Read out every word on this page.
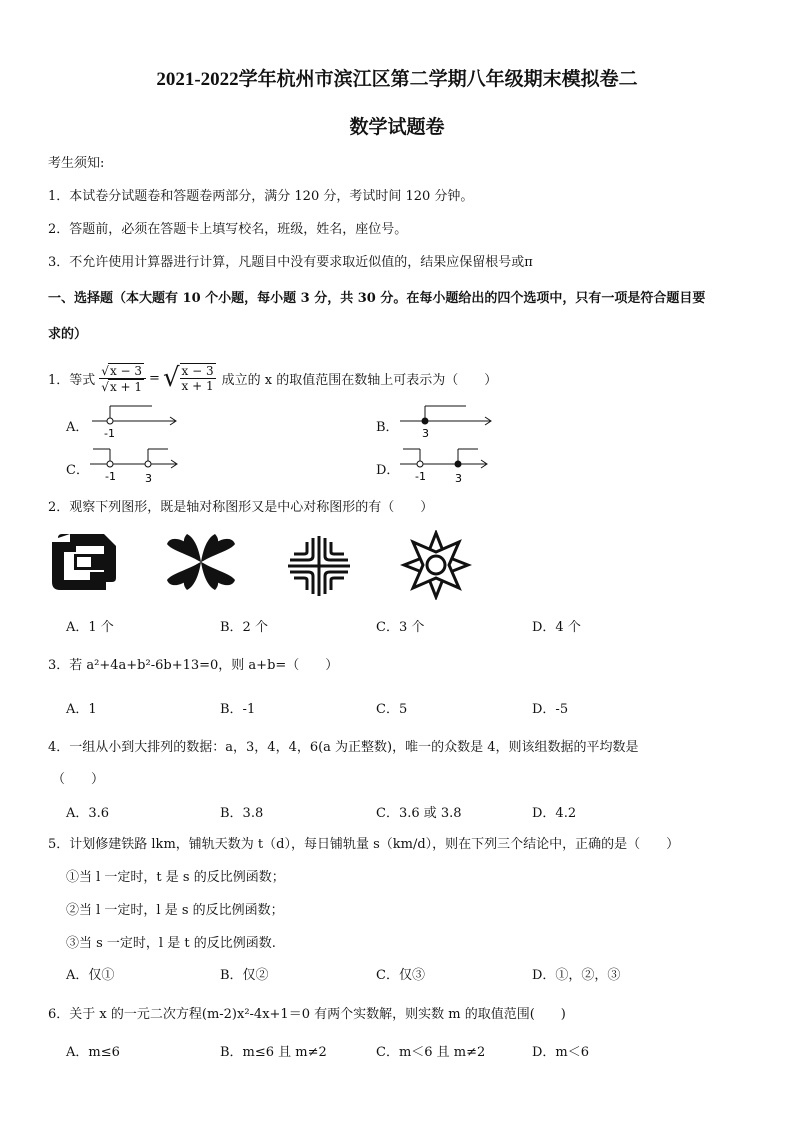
2021-2022学年杭州市滨江区第二学期八年级期末模拟卷二
数学试题卷
考生须知:
1．本试卷分试题卷和答题卷两部分，满分 120 分，考试时间 120 分钟。
2．答题前，必须在答题卡上填写校名，班级，姓名，座位号。
3．不允许使用计算器进行计算，凡题目中没有要求取近似值的，结果应保留根号或π
一、选择题（本大题有 10 个小题，每小题 3 分，共 30 分。在每小题给出的四个选项中，只有一项是符合题目要
求的）
1．等式 $\frac{√x - 3}{√x + 1}$ = √ $\frac{x - 3}{x + 1}$ 成立的 x 的取值范围在数轴上可表示为（　　）
A． -1	B． 3
C． -1	3
D． -1	3
2．观察下列图形，既是轴对称图形又是中心对称图形的有（　　）
A．1 个	B．2 个	C．3 个	D．4 个
3．若 a²+4a+b²-6b+13=0，则 a+b=（　　）
A．1	B．-1	C．5	D．-5
4．一组从小到大排列的数据：a，3，4，4，6(a 为正整数)，唯一的众数是 4，则该组数据的平均数是
（　　）
A．3.6	B．3.8	C．3.6 或 3.8	D．4.2
5．计划修建铁路 lkm，铺轨天数为 t（d），每日铺轨量 s（km/d），则在下列三个结论中，正确的是（　　）
①当 l 一定时，t 是 s 的反比例函数；
②当 l 一定时，l 是 s 的反比例函数；
③当 s 一定时，l 是 t 的反比例函数.
A．仅①	B．仅②	C．仅③	D．①，②，③
6．关于 x 的一元二次方程(m-2)x²-4x+1＝0 有两个实数解，则实数 m 的取值范围(　　)
A．m≤6	B．m≤6 且 m≠2	C．m＜6 且 m≠2	D．m＜6
